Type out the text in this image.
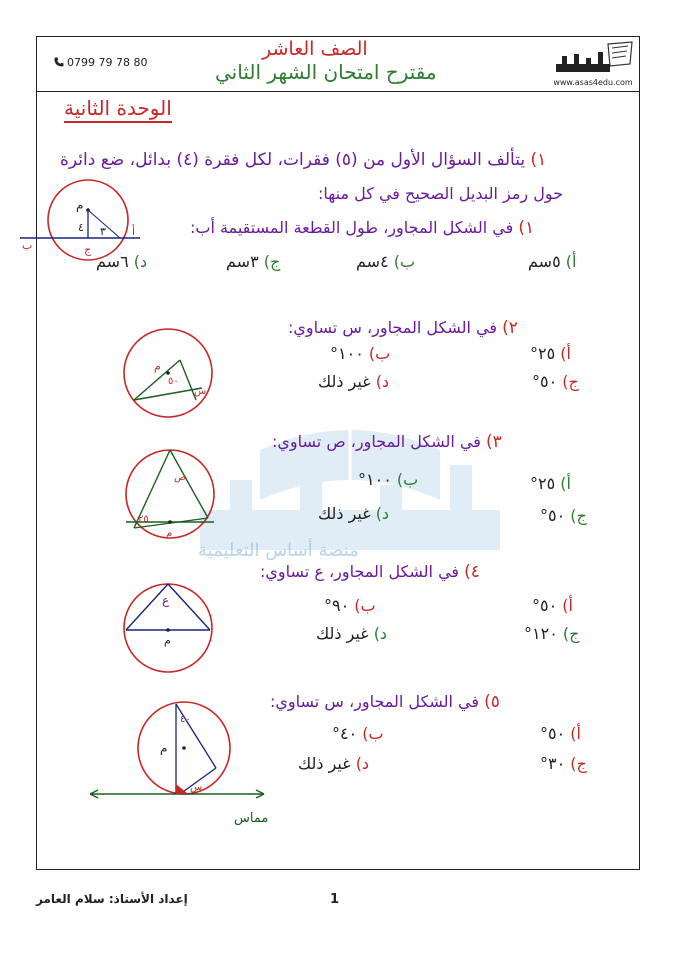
0799 79 78 80
www.asas4edu.com
الصف العاشر
مقترح امتحان الشهر الثاني
الوحدة الثانية
منصة أساس التعليمية
١) يتألف السؤال الأول من (٥) فقرات، لكل فقرة (٤) بدائل، ضع دائرة
حول رمز البديل الصحيح في كل منها:
١) في الشكل المجاور، طول القطعة المستقيمة أب:
أ) ٥سم
ب) ٤سم
ج) ٣سم
د) ٦سم
م
٤ ٣ أ
ب	ج
٢) في الشكل المجاور، س تساوي:
أ) ٢٥°
ب) ١٠٠°
ج) ٥٠°
د) غير ذلك
م
٥٠
س
٣) في الشكل المجاور، ص تساوي:
أ) ٢٥°
ب) ١٠٠°
ج) ٥٠°
د) غير ذلك
ص
٢٥
م
٤) في الشكل المجاور، ع تساوي:
أ) ٥٠°
ب) ٩٠°
ج) ١٢٠°
د) غير ذلك
ع
م
٥) في الشكل المجاور، س تساوي:
أ) ٥٠°
ب) ٤٠°
ج) ٣٠°
د) غير ذلك
٤٠
م
س
مماس
إعداد الأستاذ: سلام العامر	1
